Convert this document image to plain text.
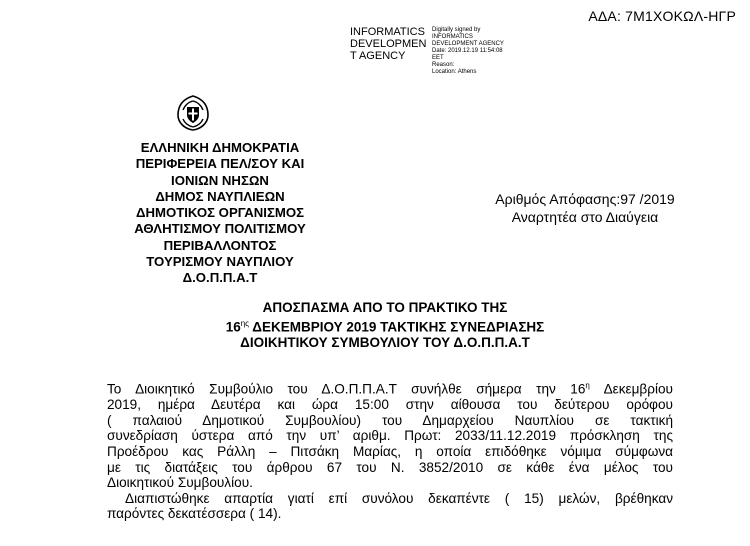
ΑΔΑ: 7Μ1ΧΟΚΩΛ-ΗΓΡ
INFORMATICS
DEVELOPMEN
T AGENCY
Digitally signed by
INFORMATICS
DEVELOPMENT AGENCY
Date: 2019.12.19 11:54:08
EET
Reason:
Location: Athens
ΕΛΛΗΝΙΚΗ ΔΗΜΟΚΡΑΤΙΑ
ΠΕΡΙΦΕΡΕΙΑ ΠΕΛ/ΣΟΥ ΚΑΙ
ΙΟΝΙΩΝ ΝΗΣΩΝ
ΔΗΜΟΣ ΝΑΥΠΛΙΕΩΝ
ΔΗΜΟΤΙΚΟΣ ΟΡΓΑΝΙΣΜΟΣ
ΑΘΛΗΤΙΣΜΟΥ ΠΟΛΙΤΙΣΜΟΥ
ΠΕΡΙΒΑΛΛΟΝΤΟΣ
ΤΟΥΡΙΣΜΟΥ ΝΑΥΠΛΙΟΥ
Δ.Ο.Π.Π.Α.Τ
Αριθμός Απόφασης:97 /2019
Αναρτητέα στο Διαύγεια
ΑΠΟΣΠΑΣΜΑ ΑΠΟ ΤΟ ΠΡΑΚΤΙΚΟ ΤΗΣ
$16^{\eta\varsigma}$ ΔΕΚΕΜΒΡΙΟΥ 2019 ΤΑΚΤΙΚΗΣ ΣΥΝΕΔΡΙΑΣΗΣ
ΔΙΟΙΚΗΤΙΚΟΥ ΣΥΜΒΟΥΛΙΟΥ ΤΟΥ Δ.Ο.Π.Π.Α.Τ
Το Διοικητικό Συμβούλιο του Δ.Ο.Π.Π.Α.Τ συνήλθε σήμερα την $16^\eta$ Δεκεμβρίου
2019, ημέρα Δευτέρα και ώρα 15:00 στην αίθουσα του δεύτερου ορόφου
( παλαιού Δημοτικού Συμβουλίου) του Δημαρχείου Ναυπλίου σε τακτική
συνεδρίαση ύστερα από την υπ’ αριθμ. Πρωτ: 2033/11.12.2019 πρόσκληση της
Προέδρου κας Ράλλη – Πιτσάκη Μαρίας, η οποία επιδόθηκε νόμιμα σύμφωνα
με τις διατάξεις του άρθρου 67 του Ν. 3852/2010 σε κάθε ένα μέλος του
Διοικητικού Συμβουλίου.
Διαπιστώθηκε απαρτία γιατί επί συνόλου δεκαπέντε ( 15) μελών, βρέθηκαν
παρόντες δεκατέσσερα ( 14).
